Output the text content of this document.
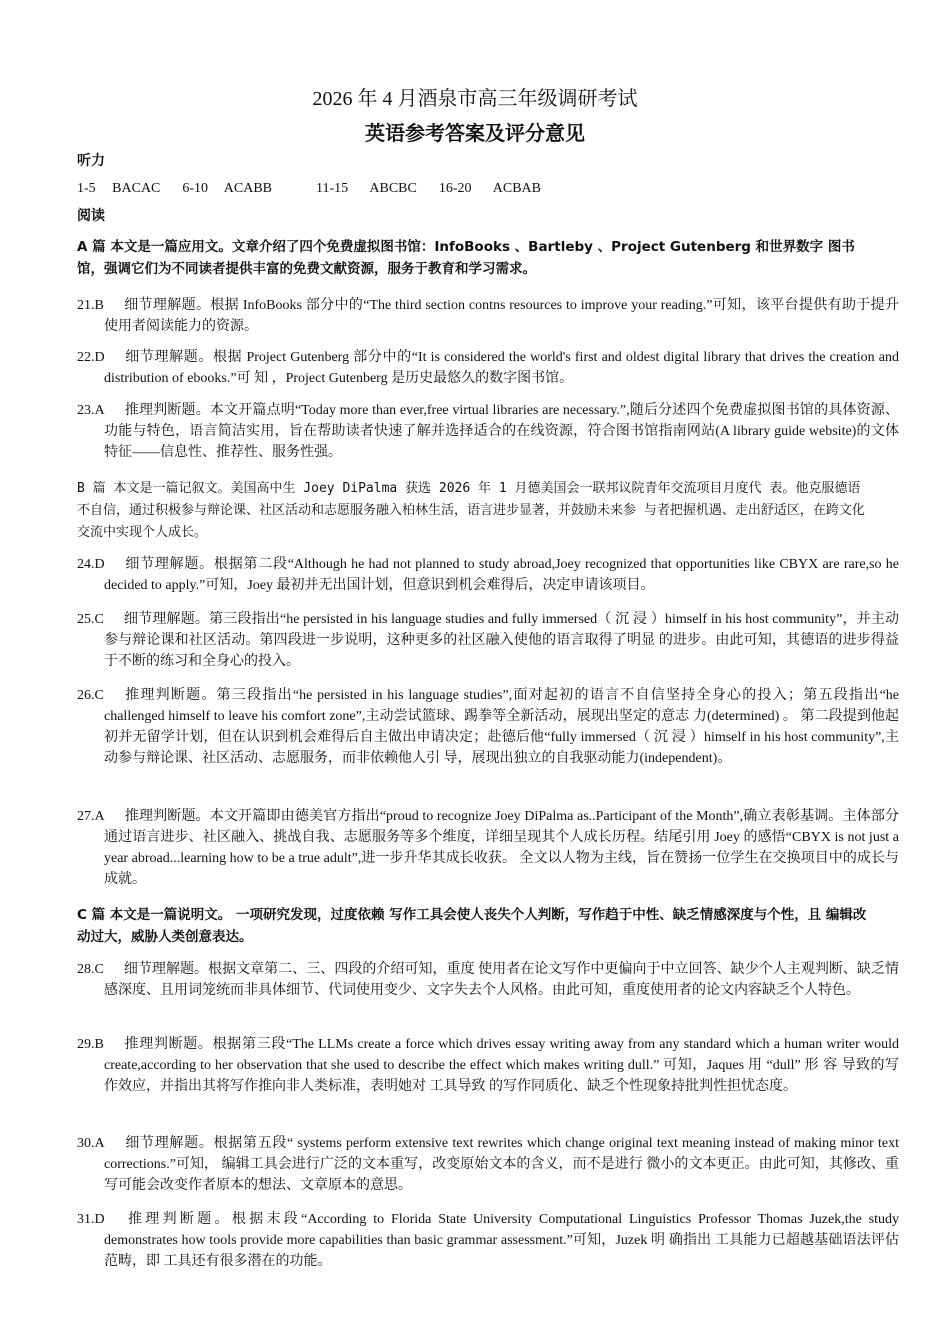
2026 年 4 月酒泉市高三年级调研考试
英语参考答案及评分意见
听力
1-5   BACAC    6-10   ACABB        11-15    ABCBC    16-20    ACBAB
阅读
A 篇 本文是一篇应用文。文章介绍了四个免费虚拟图书馆：InfoBooks 、Bartleby 、Project Gutenberg 和世界数字 图书馆，强调它们为不同读者提供丰富的免费文献资源，服务于教育和学习需求。
21.B 细节理解题。根据 InfoBooks 部分中的“The third section contns resources to improve your reading.”可知，该平台提供有助于提升使用者阅读能力的资源。
22.D 细节理解题。根据 Project Gutenberg 部分中的“It is considered the world's first and oldest digital library that drives the creation and distribution of ebooks.”可 知 ，Project Gutenberg 是历史最悠久的数字图书馆。
23.A 推理判断题。本文开篇点明“Today more than ever,free virtual libraries are necessary.”,随后分述四个免费虚拟图书馆的具体资源、功能与特色，语言简洁实用，旨在帮助读者快速了解并选择适合的在线资源，符合图书馆指南网站(A library guide website)的文体特征——信息性、推荐性、服务性强。
B 篇 本文是一篇记叙文。美国高中生 Joey DiPalma 获选 2026 年 1 月德美国会一联邦议院青年交流项目月度代 表。他克服德语不自信，通过积极参与辩论课、社区活动和志愿服务融入柏林生活，语言进步显著，并鼓励未来参 与者把握机遇、走出舒适区，在跨文化交流中实现个人成长。
24.D 细节理解题。根据第二段“Although he had not planned to study abroad,Joey recognized that opportunities like CBYX are rare,so he decided to apply.”可知，Joey 最初并无出国计划，但意识到机会难得后，决定申请该项目。
25.C 细节理解题。第三段指出“he persisted in his language studies and fully immersed（ 沉 浸 ）himself in his host community”，并主动参与辩论课和社区活动。第四段进一步说明，这种更多的社区融入使他的语言取得了明显 的进步。由此可知，其德语的进步得益于不断的练习和全身心的投入。
26.C 推理判断题。第三段指出“he persisted in his language studies”,面对起初的语言不自信坚持全身心的投入；第五段指出“he challenged himself to leave his comfort zone”,主动尝试篮球、踢拳等全新活动，展现出坚定的意志 力(determined) 。 第二段提到他起初并无留学计划，但在认识到机会难得后自主做出申请决定；赴德后他“fully immersed（ 沉 浸 ）himself in his host community”,主动参与辩论课、社区活动、志愿服务，而非依赖他人引 导，展现出独立的自我驱动能力(independent)。
27.A 推理判断题。本文开篇即由德美官方指出“proud to recognize Joey DiPalma as..Participant of the Month”,确立表彰基调。主体部分通过语言进步、社区融入、挑战自我、志愿服务等多个维度，详细呈现其个人成长历程。结尾引用 Joey 的感悟“CBYX is not just a year abroad...learning how to be a true adult”,进一步升华其成长收获。 全文以人物为主线，旨在赞扬一位学生在交换项目中的成长与成就。
C 篇 本文是一篇说明文。 一项研究发现，过度依赖 写作工具会使人丧失个人判断，写作趋于中性、缺乏情感深度与个性，且 编辑改动过大，威胁人类创意表达。
28.C 细节理解题。根据文章第二、三、四段的介绍可知，重度 使用者在论文写作中更偏向于中立回答、缺少个人主观判断、缺乏情感深度、且用词笼统而非具体细节、代词使用变少、文字失去个人风格。由此可知，重度使用者的论文内容缺乏个人特色。
29.B 推理判断题。根据第三段“The LLMs create a force which drives essay writing away from any standard which a human writer would create,according to her observation that she used to describe the effect which makes writing dull.” 可知，Jaques 用 “dull” 形 容 导致的写作效应，并指出其将写作推向非人类标准，表明她对 工具导致 的写作同质化、缺乏个性现象持批判性担忧态度。
30.A 细节理解题。根据第五段“ systems perform extensive text rewrites which change original text meaning instead of making minor text corrections.”可知， 编辑工具会进行广泛的文本重写，改变原始文本的含义，而不是进行 微小的文本更正。由此可知，其修改、重写可能会改变作者原本的想法、文章原本的意思。
31.D 推理判断题。根据末段“According to Florida State University Computational Linguistics Professor Thomas Juzek,the study demonstrates how tools provide more capabilities than basic grammar assessment.”可知，Juzek 明 确指出 工具能力已超越基础语法评估范畴，即 工具还有很多潜在的功能。
